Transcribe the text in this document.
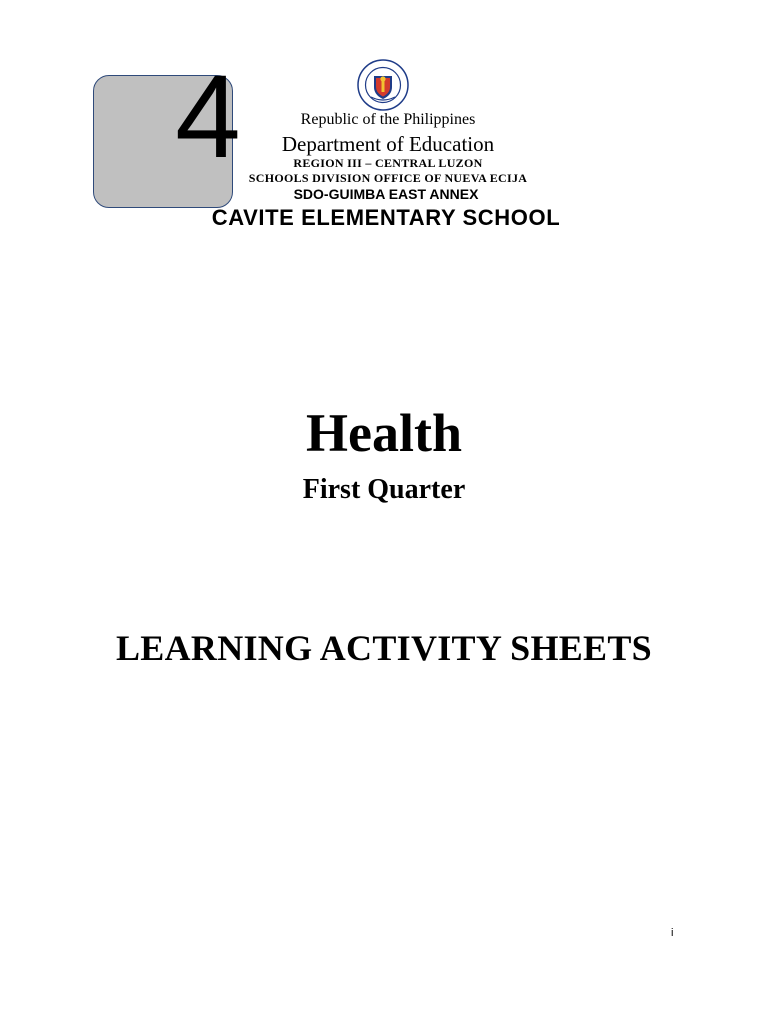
4	Republic of the Philippines
Department of Education
REGION III – CENTRAL LUZON
SCHOOLS DIVISION OFFICE OF NUEVA ECIJA
SDO-GUIMBA EAST ANNEX
CAVITE ELEMENTARY SCHOOL
Health
First Quarter
LEARNING ACTIVITY SHEETS
i
